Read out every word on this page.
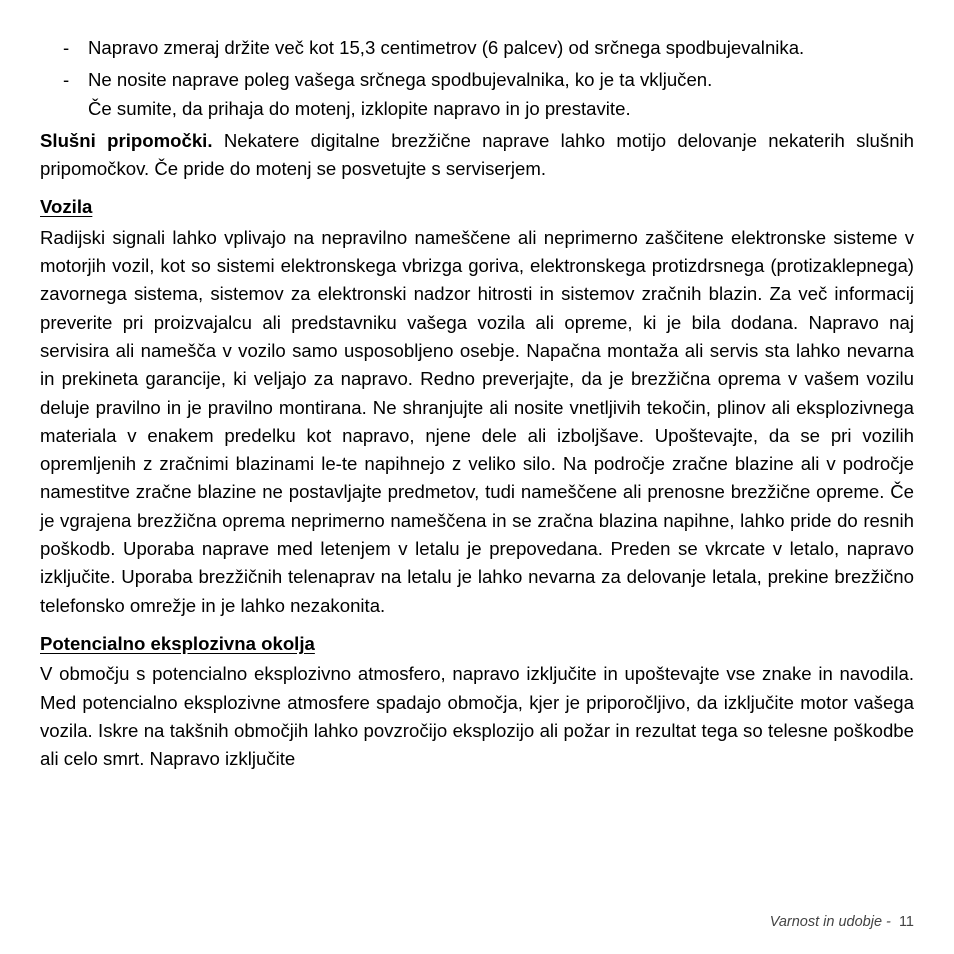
- Napravo zmeraj držite več kot 15,3 centimetrov (6 palcev) od srčnega spodbujevalnika.

- Ne nosite naprave poleg vašega srčnega spodbujevalnika, ko je ta vključen.

Če sumite, da prihaja do motenj, izklopite napravo in jo prestavite.

Slušni pripomočki. Nekatere digitalne brezžične naprave lahko motijo delovanje nekaterih slušnih pripomočkov. Če pride do motenj se posvetujte s serviserjem.

Vozila

Radijski signali lahko vplivajo na nepravilno nameščene ali neprimerno zaščitene elektronske sisteme v motorjih vozil, kot so sistemi elektronskega vbrizga goriva, elektronskega protizdrsnega (protizaklepnega) zavornega sistema, sistemov za elektronski nadzor hitrosti in sistemov zračnih blazin. Za več informacij preverite pri proizvajalcu ali predstavniku vašega vozila ali opreme, ki je bila dodana. Napravo naj servisira ali namešča v vozilo samo usposobljeno osebje. Napačna montaža ali servis sta lahko nevarna in prekineta garancije, ki veljajo za napravo. Redno preverjajte, da je brezžična oprema v vašem vozilu deluje pravilno in je pravilno montirana. Ne shranjujte ali nosite vnetljivih tekočin, plinov ali eksplozivnega materiala v enakem predelku kot napravo, njene dele ali izboljšave. Upoštevajte, da se pri vozilih opremljenih z zračnimi blazinami le-te napihnejo z veliko silo. Na področje zračne blazine ali v področje namestitve zračne blazine ne postavljajte predmetov, tudi nameščene ali prenosne brezžične opreme. Če je vgrajena brezžična oprema neprimerno nameščena in se zračna blazina napihne, lahko pride do resnih poškodb. Uporaba naprave med letenjem v letalu je prepovedana. Preden se vkrcate v letalo, napravo izključite. Uporaba brezžičnih telenaprav na letalu je lahko nevarna za delovanje letala, prekine brezžično telefonsko omrežje in je lahko nezakonita.

Potencialno eksplozivna okolja

V območju s potencialno eksplozivno atmosfero, napravo izključite in upoštevajte vse znake in navodila. Med potencialno eksplozivne atmosfere spadajo območja, kjer je priporočljivo, da izključite motor vašega vozila. Iskre na takšnih območjih lahko povzročijo eksplozijo ali požar in rezultat tega so telesne poškodbe ali celo smrt. Napravo izključite

Varnost in udobje -  11
